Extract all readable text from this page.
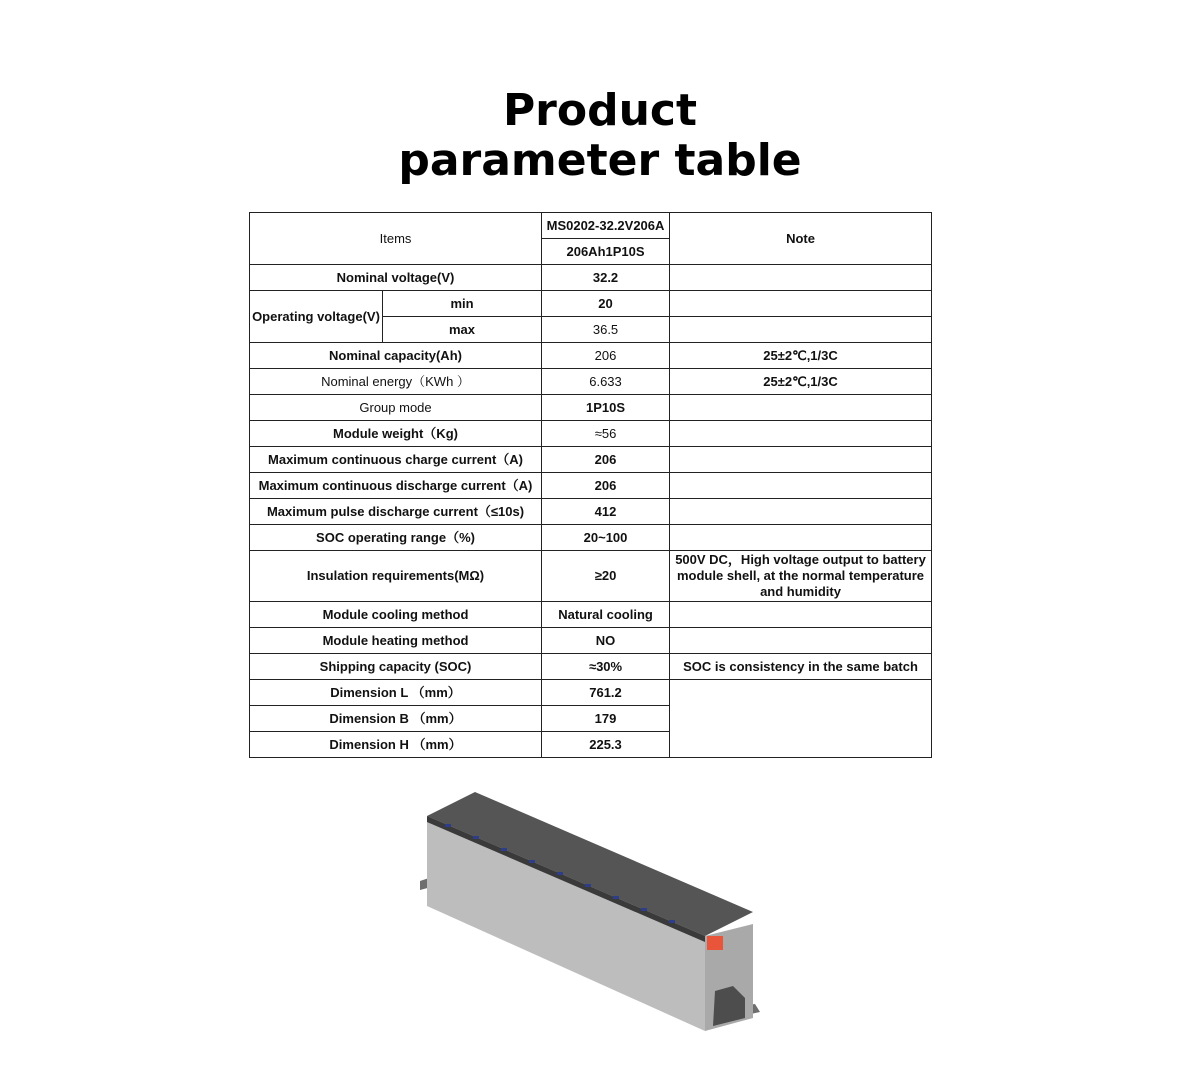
Product
parameter table
Items		MS0202-32.2V206A	Note
		206Ah1P10S	
Nominal voltage(V)		32.2	
Operating voltage(V)	min	20	
	max	36.5	
Nominal capacity(Ah)		206	25±2℃,1/3C
Nominal energy（KWh ）		6.633	25±2℃,1/3C
Group mode		1P10S	
Module weight（Kg)		≈56	
Maximum continuous charge current（A)		206	
Maximum continuous discharge current（A)		206	
Maximum pulse discharge current（≤10s)		412	
SOC operating range（%)		20~100	
Insulation requirements(MΩ)		≥20	500V DC，High voltage output to battery module shell, at the normal temperature and humidity
Module cooling method		Natural cooling	
Module heating method		NO	
Shipping capacity (SOC)		≈30%	SOC is consistency in the same batch
Dimension L （mm）		761.2	
Dimension B （mm）		179	
Dimension H （mm）		225.3	
